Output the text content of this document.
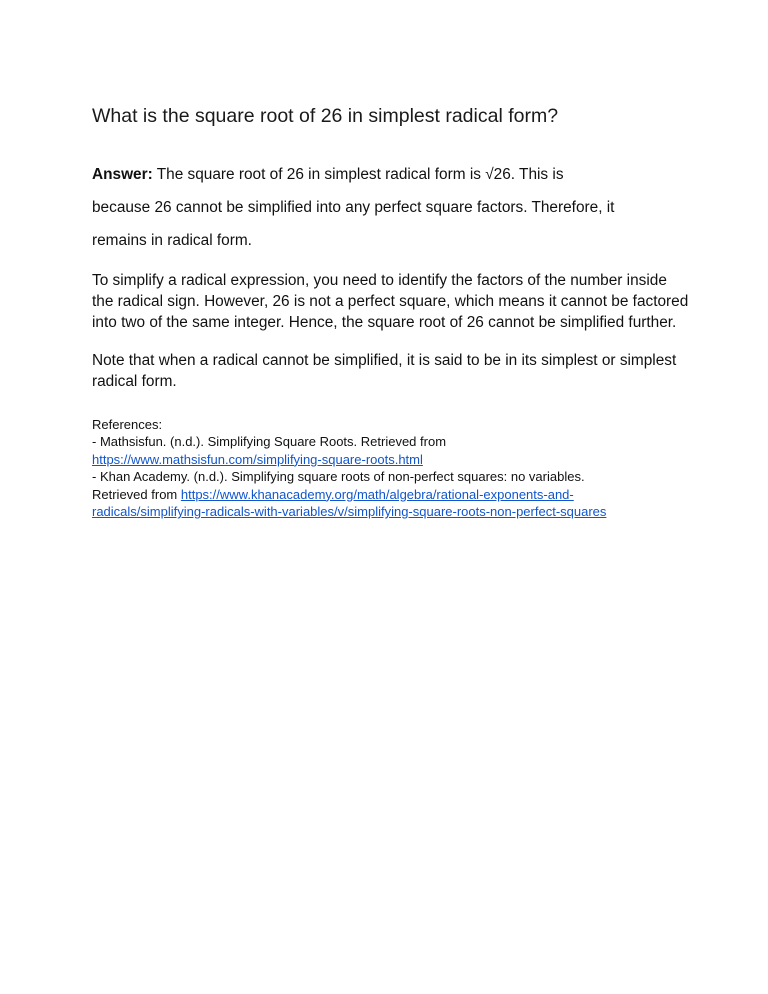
What is the square root of 26 in simplest radical form?

Answer: The square root of 26 in simplest radical form is √26. This is
because 26 cannot be simplified into any perfect square factors. Therefore, it
remains in radical form.

To simplify a radical expression, you need to identify the factors of the number inside the radical sign. However, 26 is not a perfect square, which means it cannot be factored into two of the same integer. Hence, the square root of 26 cannot be simplified further.

Note that when a radical cannot be simplified, it is said to be in its simplest or simplest radical form.

References:
- Mathsisfun. (n.d.). Simplifying Square Roots. Retrieved from
https://www.mathsisfun.com/simplifying-square-roots.html
- Khan Academy. (n.d.). Simplifying square roots of non-perfect squares: no variables.
Retrieved from https://www.khanacademy.org/math/algebra/rational-exponents-and-
radicals/simplifying-radicals-with-variables/v/simplifying-square-roots-non-perfect-squares
